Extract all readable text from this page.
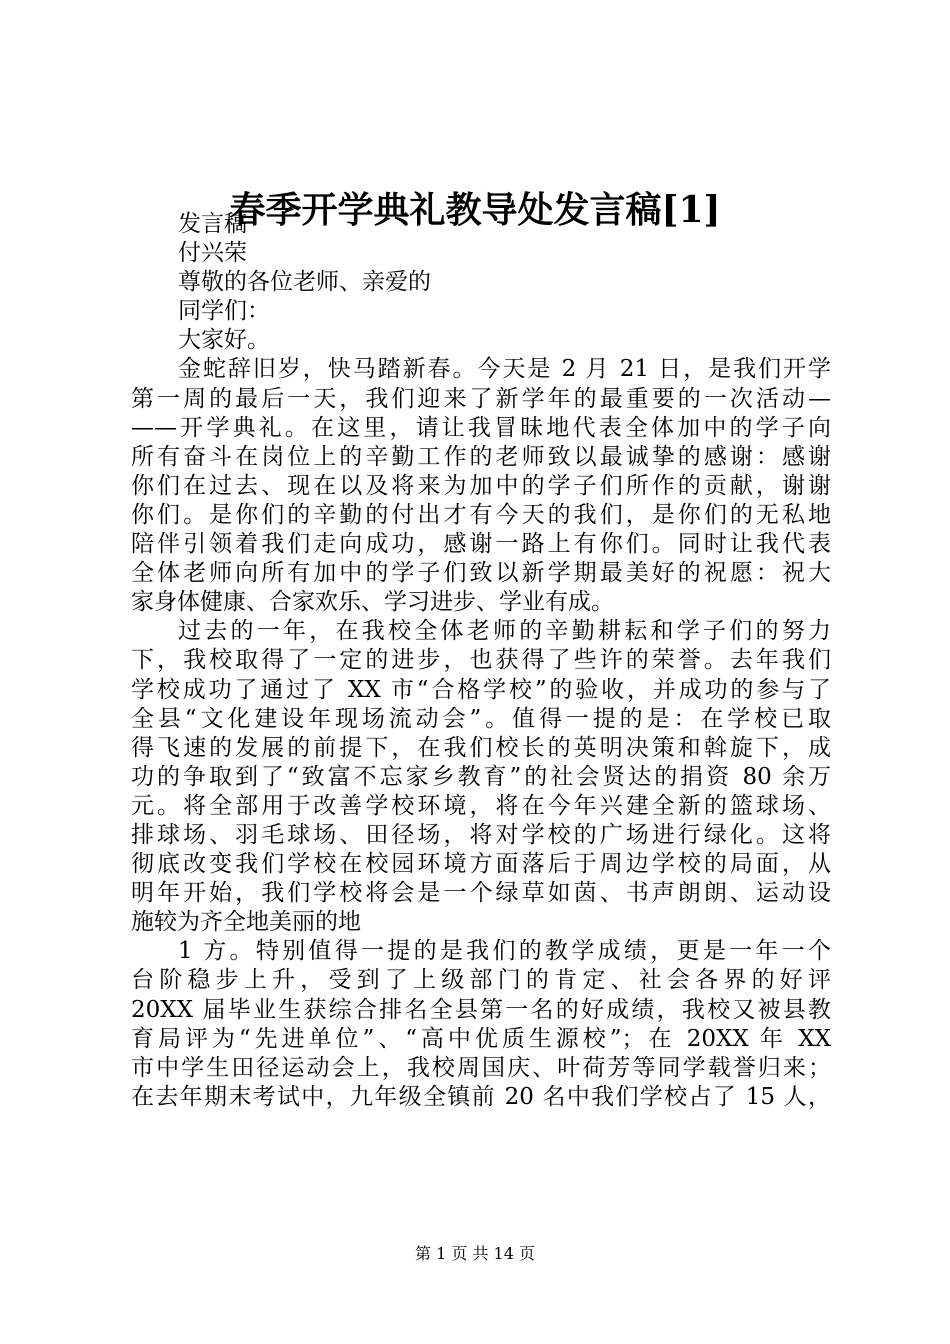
春季开学典礼教导处发言稿[1]
发言稿
付兴荣
尊敬的各位老师、亲爱的
同学们：
大家好。
金蛇辞旧岁，快马踏新春。今天是 2 月 21 日，是我们开学
第一周的最后一天，我们迎来了新学年的最重要的一次活动—
——开学典礼。在这里，请让我冒昧地代表全体加中的学子向
所有奋斗在岗位上的辛勤工作的老师致以最诚挚的感谢：感谢
你们在过去、现在以及将来为加中的学子们所作的贡献，谢谢
你们。是你们的辛勤的付出才有今天的我们，是你们的无私地
陪伴引领着我们走向成功，感谢一路上有你们。同时让我代表
全体老师向所有加中的学子们致以新学期最美好的祝愿：祝大
家身体健康、合家欢乐、学习进步、学业有成。
过去的一年，在我校全体老师的辛勤耕耘和学子们的努力
下，我校取得了一定的进步，也获得了些许的荣誉。去年我们
学校成功了通过了 XX 市“合格学校”的验收，并成功的参与了
全县“文化建设年现场流动会”。值得一提的是：在学校已取
得飞速的发展的前提下，在我们校长的英明决策和斡旋下，成
功的争取到了“致富不忘家乡教育”的社会贤达的捐资 80 余万
元。将全部用于改善学校环境，将在今年兴建全新的篮球场、
排球场、羽毛球场、田径场，将对学校的广场进行绿化。这将
彻底改变我们学校在校园环境方面落后于周边学校的局面，从
明年开始，我们学校将会是一个绿草如茵、书声朗朗、运动设
施较为齐全地美丽的地
1 方。特别值得一提的是我们的教学成绩，更是一年一个
台阶稳步上升，受到了上级部门的肯定、社会各界的好评
20XX 届毕业生获综合排名全县第一名的好成绩，我校又被县教
育局评为“先进单位”、“高中优质生源校”；在 20XX 年 XX
市中学生田径运动会上，我校周国庆、叶荷芳等同学载誉归来；
在去年期末考试中，九年级全镇前 20 名中我们学校占了 15 人，
第 1 页 共 14 页
